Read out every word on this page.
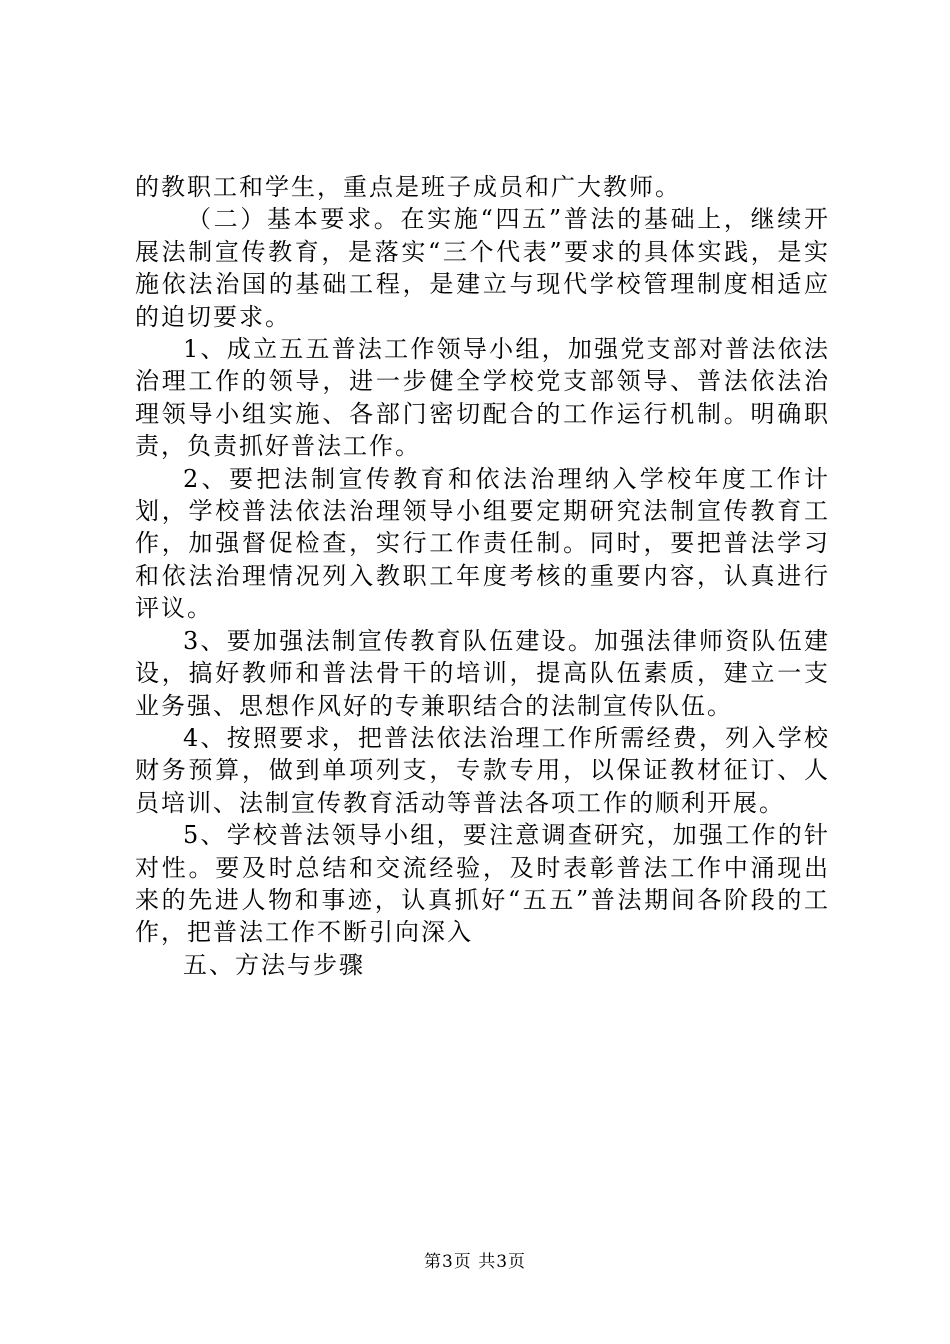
的教职工和学生，重点是班子成员和广大教师。

（二）基本要求。在实施“四五”普法的基础上，继续开展法制宣传教育，是落实“三个代表”要求的具体实践，是实施依法治国的基础工程，是建立与现代学校管理制度相适应的迫切要求。

1、成立五五普法工作领导小组，加强党支部对普法依法治理工作的领导，进一步健全学校党支部领导、普法依法治理领导小组实施、各部门密切配合的工作运行机制。明确职责，负责抓好普法工作。

2、要把法制宣传教育和依法治理纳入学校年度工作计划，学校普法依法治理领导小组要定期研究法制宣传教育工作，加强督促检查，实行工作责任制。同时，要把普法学习和依法治理情况列入教职工年度考核的重要内容，认真进行评议。

3、要加强法制宣传教育队伍建设。加强法律师资队伍建设，搞好教师和普法骨干的培训，提高队伍素质，建立一支业务强、思想作风好的专兼职结合的法制宣传队伍。

4、按照要求，把普法依法治理工作所需经费，列入学校财务预算，做到单项列支，专款专用，以保证教材征订、人员培训、法制宣传教育活动等普法各项工作的顺利开展。

5、学校普法领导小组，要注意调查研究，加强工作的针对性。要及时总结和交流经验，及时表彰普法工作中涌现出来的先进人物和事迹，认真抓好“五五”普法期间各阶段的工作，把普法工作不断引向深入

五、方法与步骤

第3页 共3页
